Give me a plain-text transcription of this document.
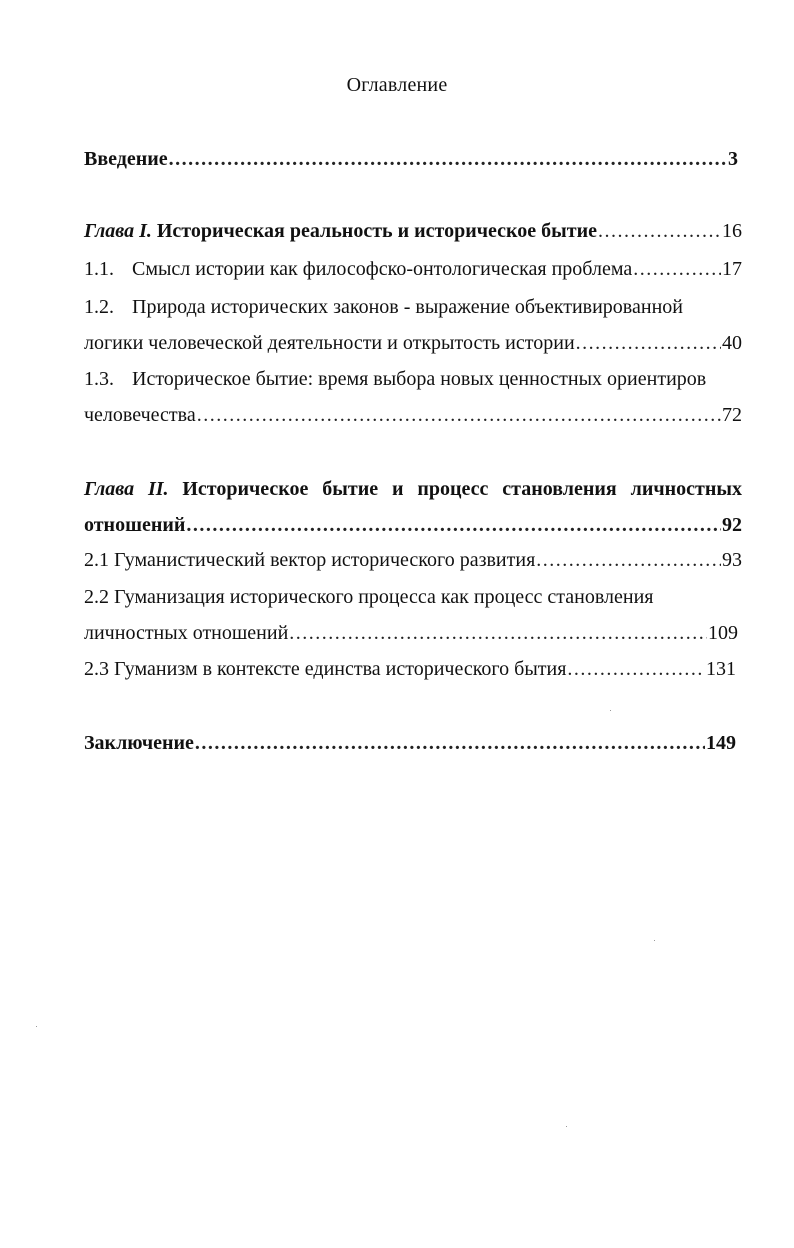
Оглавление
Введение .....	3
Глава I. Историческая реальность и историческое бытие .....	16
1.1. Смысл истории как философско-онтологическая проблема .....	17
1.2. Природа исторических законов - выражение объективированной
логики человеческой деятельности и открытость истории .....	40
1.3. Историческое бытие: время выбора новых ценностных ориентиров
человечества .....	72
Глава II. Историческое бытие и процесс становления личностных
отношений .....	92
2.1 Гуманистический вектор исторического развития .....	93
2.2 Гуманизация исторического процесса как процесс становления
личностных отношений .....	109
2.3 Гуманизм в контексте единства исторического бытия .....	131
Заключение .....	149
